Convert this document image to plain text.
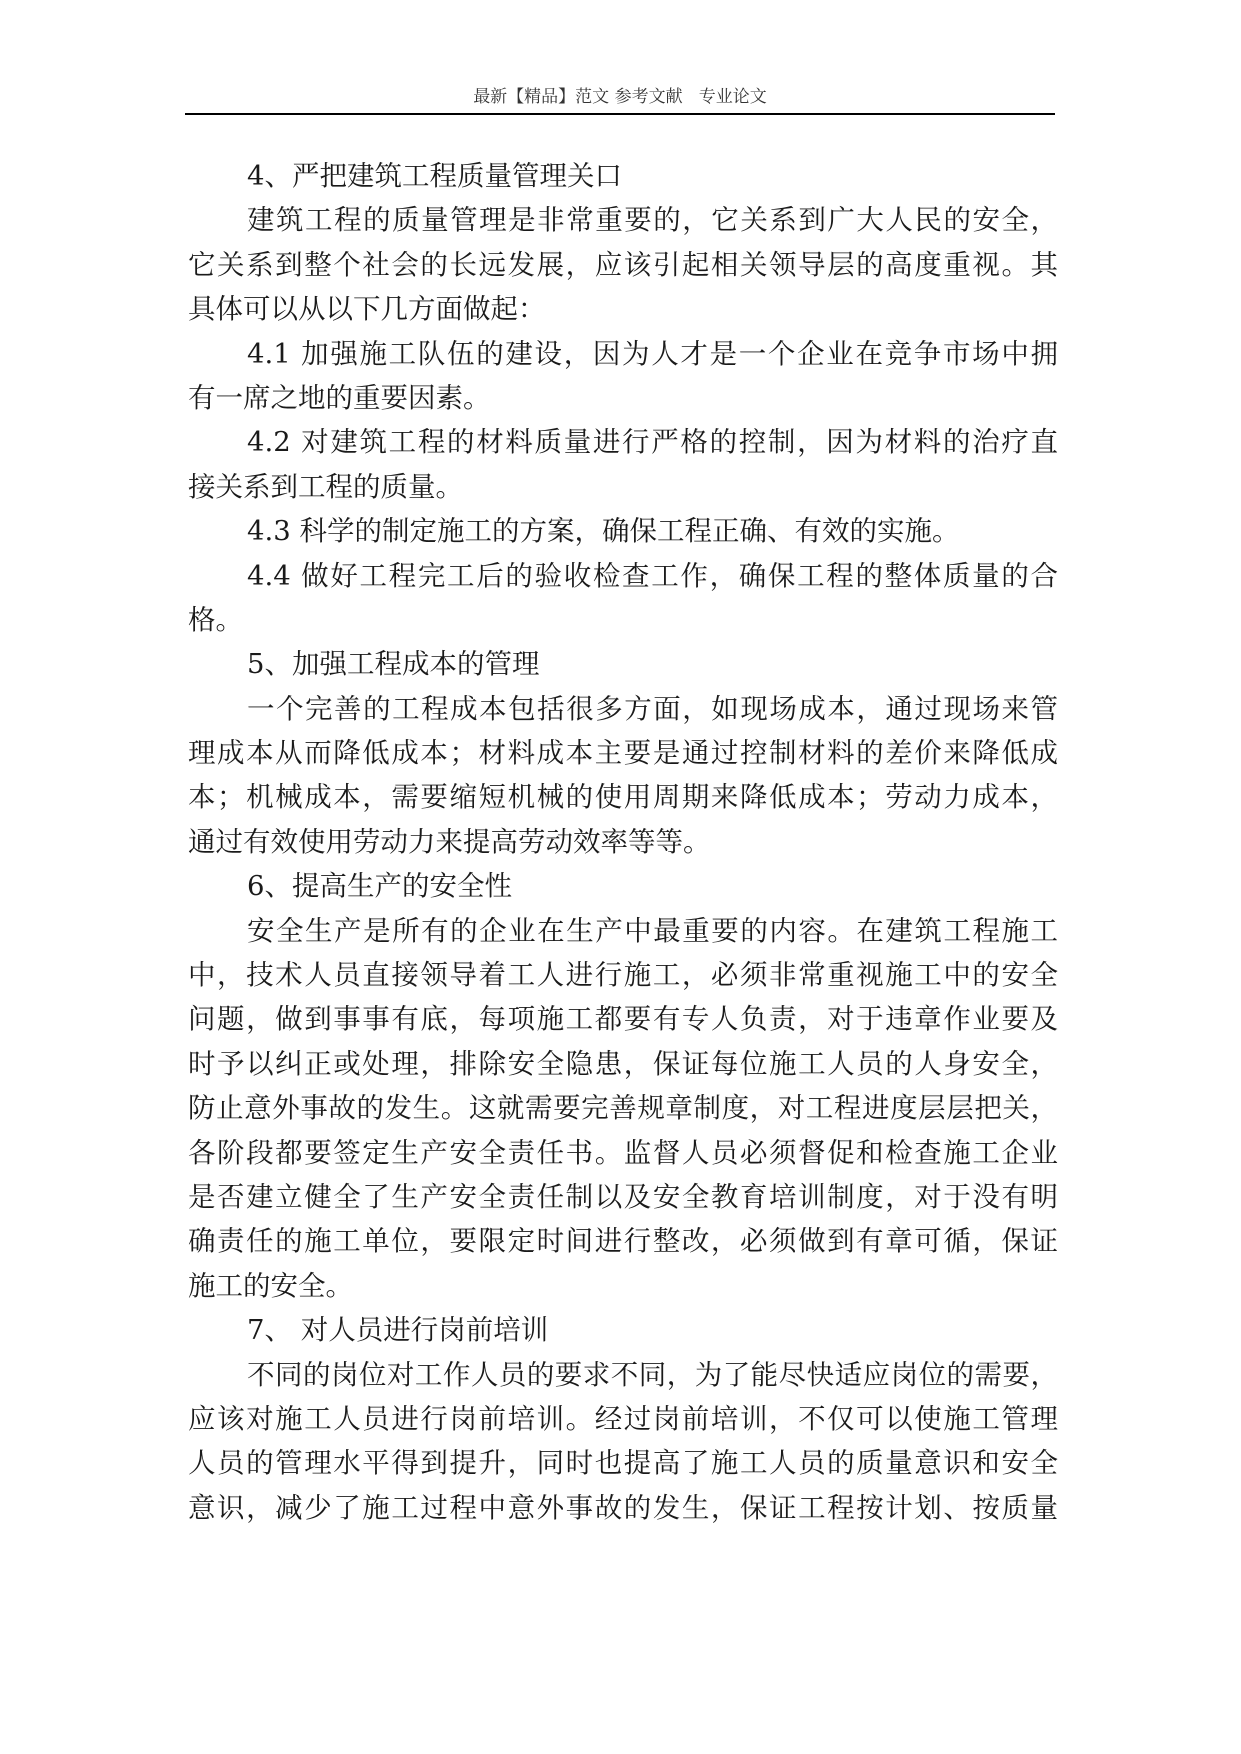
最新【精品】范文 参考文献   专业论文
4、严把建筑工程质量管理关口
建筑工程的质量管理是非常重要的，它关系到广大人民的安全，
它关系到整个社会的长远发展，应该引起相关领导层的高度重视。其
具体可以从以下几方面做起：
4.1 加强施工队伍的建设，因为人才是一个企业在竞争市场中拥
有一席之地的重要因素。
4.2 对建筑工程的材料质量进行严格的控制，因为材料的治疗直
接关系到工程的质量。
4.3 科学的制定施工的方案，确保工程正确、有效的实施。
4.4 做好工程完工后的验收检查工作，确保工程的整体质量的合
格。
5、加强工程成本的管理
一个完善的工程成本包括很多方面，如现场成本，通过现场来管
理成本从而降低成本；材料成本主要是通过控制材料的差价来降低成
本；机械成本，需要缩短机械的使用周期来降低成本；劳动力成本，
通过有效使用劳动力来提高劳动效率等等。
6、提高生产的安全性
安全生产是所有的企业在生产中最重要的内容。在建筑工程施工
中，技术人员直接领导着工人进行施工，必须非常重视施工中的安全
问题，做到事事有底，每项施工都要有专人负责，对于违章作业要及
时予以纠正或处理，排除安全隐患，保证每位施工人员的人身安全，
防止意外事故的发生。这就需要完善规章制度，对工程进度层层把关，
各阶段都要签定生产安全责任书。监督人员必须督促和检查施工企业
是否建立健全了生产安全责任制以及安全教育培训制度，对于没有明
确责任的施工单位，要限定时间进行整改，必须做到有章可循，保证
施工的安全。
7、 对人员进行岗前培训
不同的岗位对工作人员的要求不同，为了能尽快适应岗位的需要，
应该对施工人员进行岗前培训。经过岗前培训，不仅可以使施工管理
人员的管理水平得到提升，同时也提高了施工人员的质量意识和安全
意识，减少了施工过程中意外事故的发生，保证工程按计划、按质量
